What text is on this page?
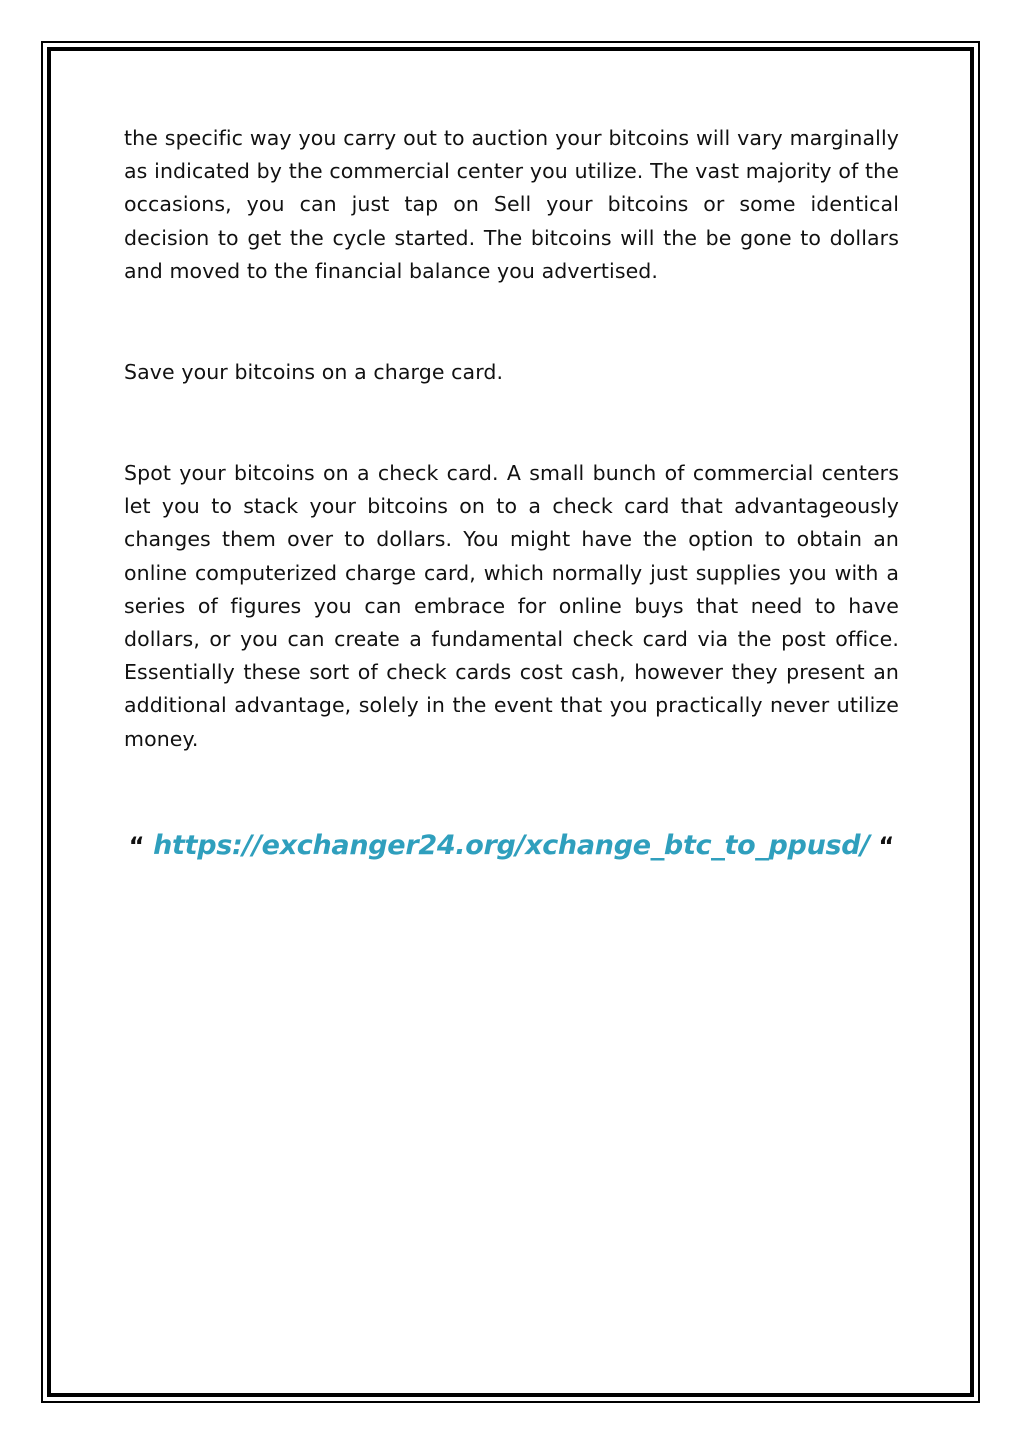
the specific way you carry out to auction your bitcoins will vary marginally as indicated by the commercial center you utilize. The vast majority of the occasions, you can just tap on Sell your bitcoins or some identical decision to get the cycle started. The bitcoins will the be gone to dollars and moved to the financial balance you advertised.

Save your bitcoins on a charge card.

Spot your bitcoins on a check card. A small bunch of commercial centers let you to stack your bitcoins on to a check card that advantageously changes them over to dollars. You might have the option to obtain an online computerized charge card, which normally just supplies you with a series of figures you can embrace for online buys that need to have dollars, or you can create a fundamental check card via the post office. Essentially these sort of check cards cost cash, however they present an additional advantage, solely in the event that you practically never utilize money.

“ https://exchanger24.org/xchange_btc_to_ppusd/ “
